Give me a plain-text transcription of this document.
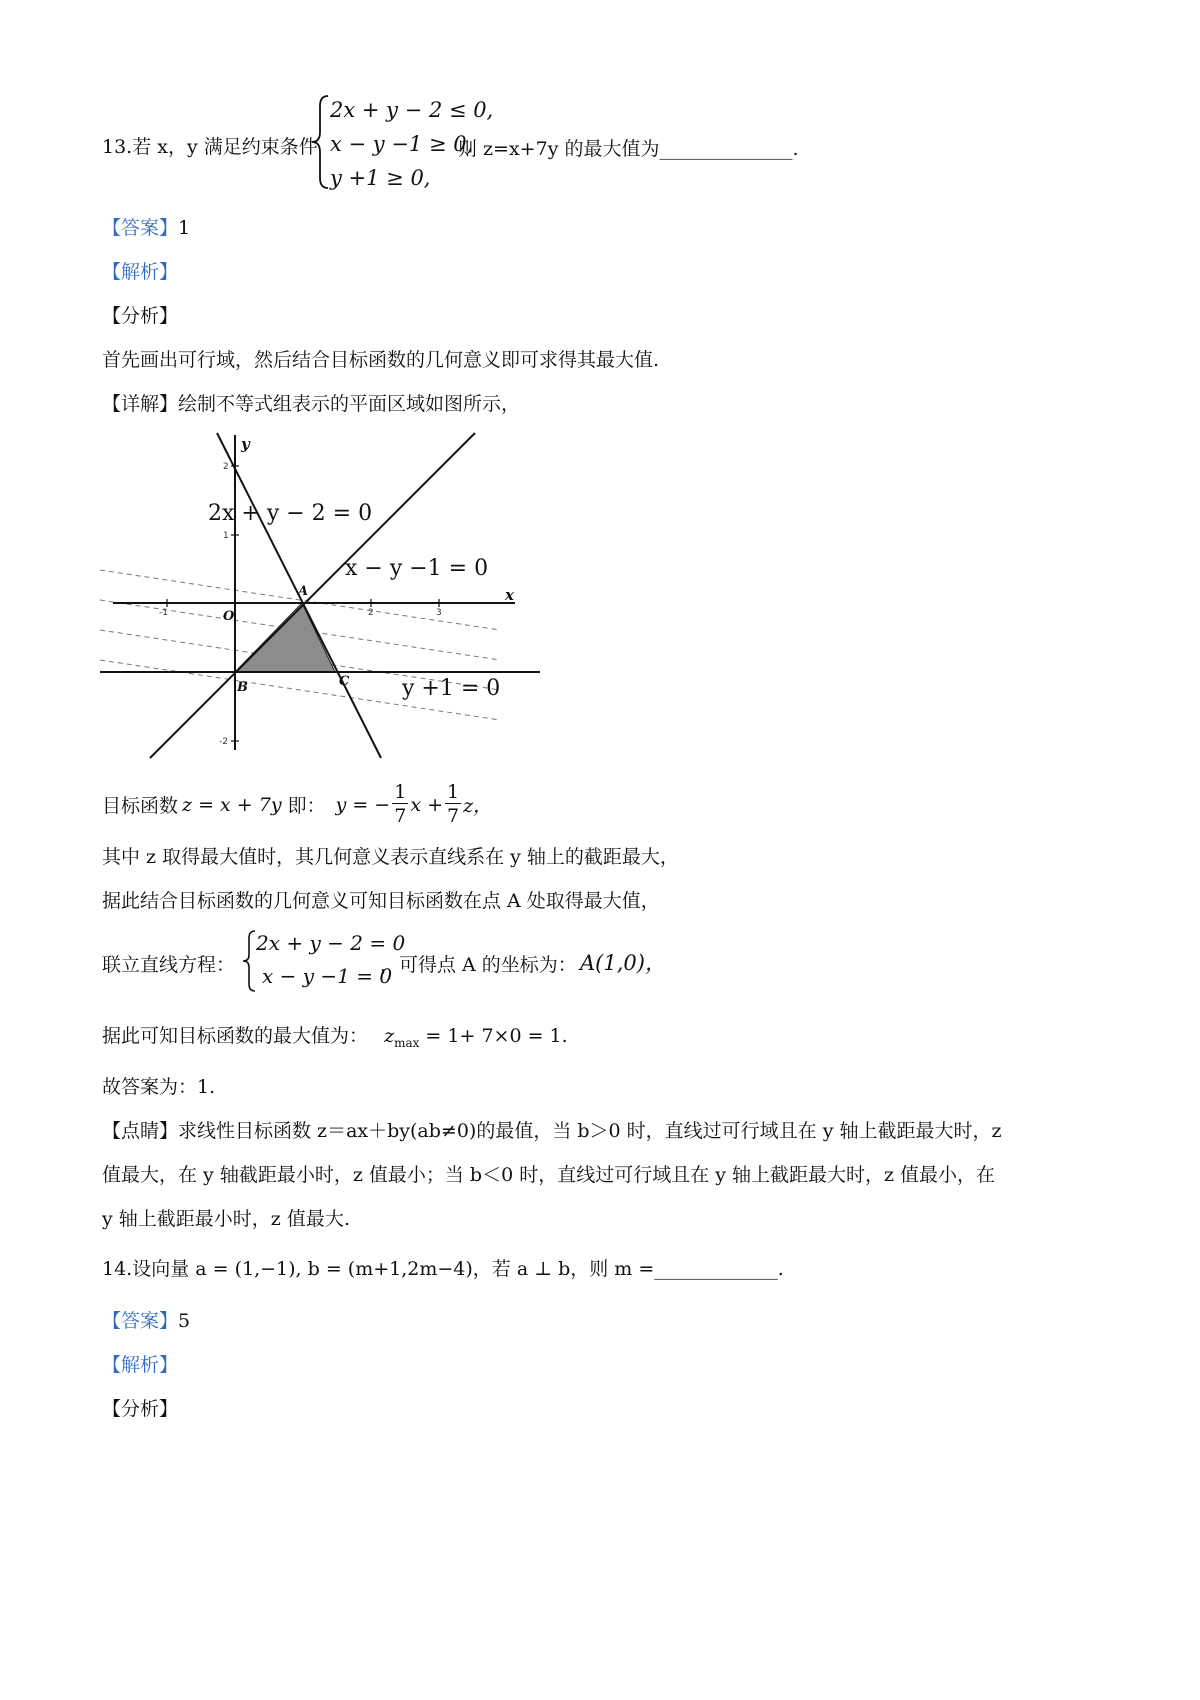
13.若 x，y 满足约束条件
2x + y − 2 ≤ 0,
x − y −1 ≥ 0,
y +1 ≥ 0,
则 z=x+7y 的最大值为______________.
【答案】1
【解析】
【分析】
首先画出可行域，然后结合目标函数的几何意义即可求得其最大值.
【详解】绘制不等式组表示的平面区域如图所示，
-1	2	3
2
1
-2
x
y
O
A
B	C
2x + y − 2 = 0
x − y −1 = 0
y +1 = 0
目标函数 z = x + 7y 即： y = − $\frac{1}{7}$ $x + \frac{1}{7}$ z，
其中 z 取得最大值时，其几何意义表示直线系在 y 轴上的截距最大，
据此结合目标函数的几何意义可知目标函数在点 A 处取得最大值，
联立直线方程：
2x + y − 2 = 0
x − y −1 = 0
，可得点 A 的坐标为： A(1,0)，
据此可知目标函数的最大值为： $z_{max} = 1+ 7\times 0 = 1$.
故答案为：1.
【点睛】求线性目标函数 z＝ax＋by(ab≠0)的最值，当 b＞0 时，直线过可行域且在 y 轴上截距最大时，z
值最大，在 y 轴截距最小时，z 值最小；当 b＜0 时，直线过可行域且在 y 轴上截距最大时，z 值最小，在
y 轴上截距最小时，z 值最大.
14.设向量 a = (1,−1), b = (m+1,2m−4)，若 a ⊥ b，则 m =_____________.
【答案】5
【解析】
【分析】
